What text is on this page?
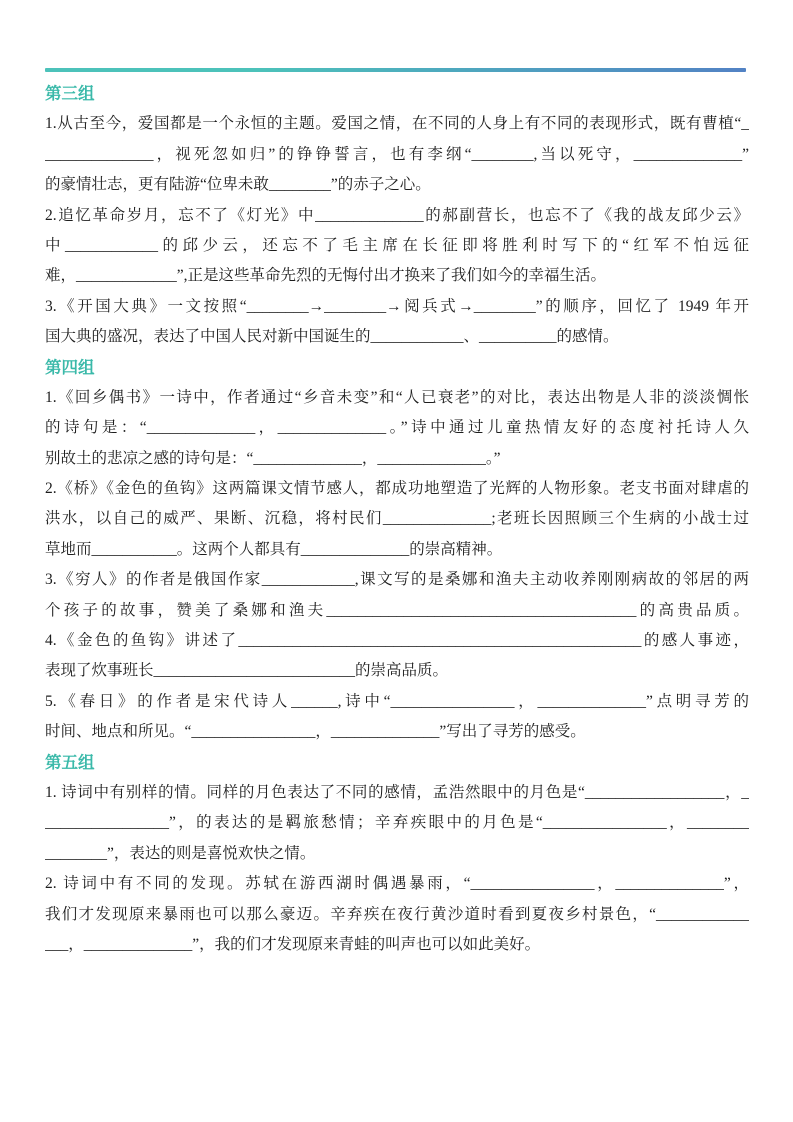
第三组
1.从古至今，爱国都是一个永恒的主题。爱国之情，在不同的人身上有不同的表现形式，既有曹植“_
______________，视死忽如归”的铮铮誓言，也有李纲“________,当以死守，______________”
的豪情壮志，更有陆游“位卑未敢________”的赤子之心。
2.追忆革命岁月，忘不了《灯光》中______________的郝副营长，也忘不了《我的战友邱少云》
中____________的邱少云，还忘不了毛主席在长征即将胜利时写下的“红军不怕远征
难，_____________”,正是这些革命先烈的无悔付出才换来了我们如今的幸福生活。
3.《开国大典》一文按照“________→________→阅兵式→________”的顺序，回忆了 1949 年开
国大典的盛况，表达了中国人民对新中国诞生的____________、__________的感情。
第四组
1.《回乡偶书》一诗中，作者通过“乡音未变”和“人已衰老”的对比，表达出物是人非的淡淡惆怅
的诗句是：“______________，______________。”诗中通过儿童热情友好的态度衬托诗人久
别故土的悲凉之感的诗句是：“______________，______________。”
2.《桥》《金色的鱼钩》这两篇课文情节感人，都成功地塑造了光辉的人物形象。老支书面对肆虐的
洪水，以自己的威严、果断、沉稳，将村民们______________;老班长因照顾三个生病的小战士过
草地而___________。这两个人都具有______________的崇高精神。
3.《穷人》的作者是俄国作家____________,课文写的是桑娜和渔夫主动收养刚刚病故的邻居的两
个孩子的故事，赞美了桑娜和渔夫________________________________________的高贵品质。
4.《金色的鱼钩》讲述了____________________________________________________的感人事迹，
表现了炊事班长__________________________的崇高品质。
5.《春日》的作者是宋代诗人______,诗中“________________，______________”点明寻芳的
时间、地点和所见。“________________，______________”写出了寻芳的感受。
第五组
1. 诗词中有别样的情。同样的月色表达了不同的感情，孟浩然眼中的月色是“__________________，_
________________”，的表达的是羁旅愁情；辛弃疾眼中的月色是“________________，________
________”，表达的则是喜悦欢快之情。
2. 诗词中有不同的发现。苏轼在游西湖时偶遇暴雨，“________________，______________”，
我们才发现原来暴雨也可以那么豪迈。辛弃疾在夜行黄沙道时看到夏夜乡村景色，“____________
___，______________”，我的们才发现原来青蛙的叫声也可以如此美好。
